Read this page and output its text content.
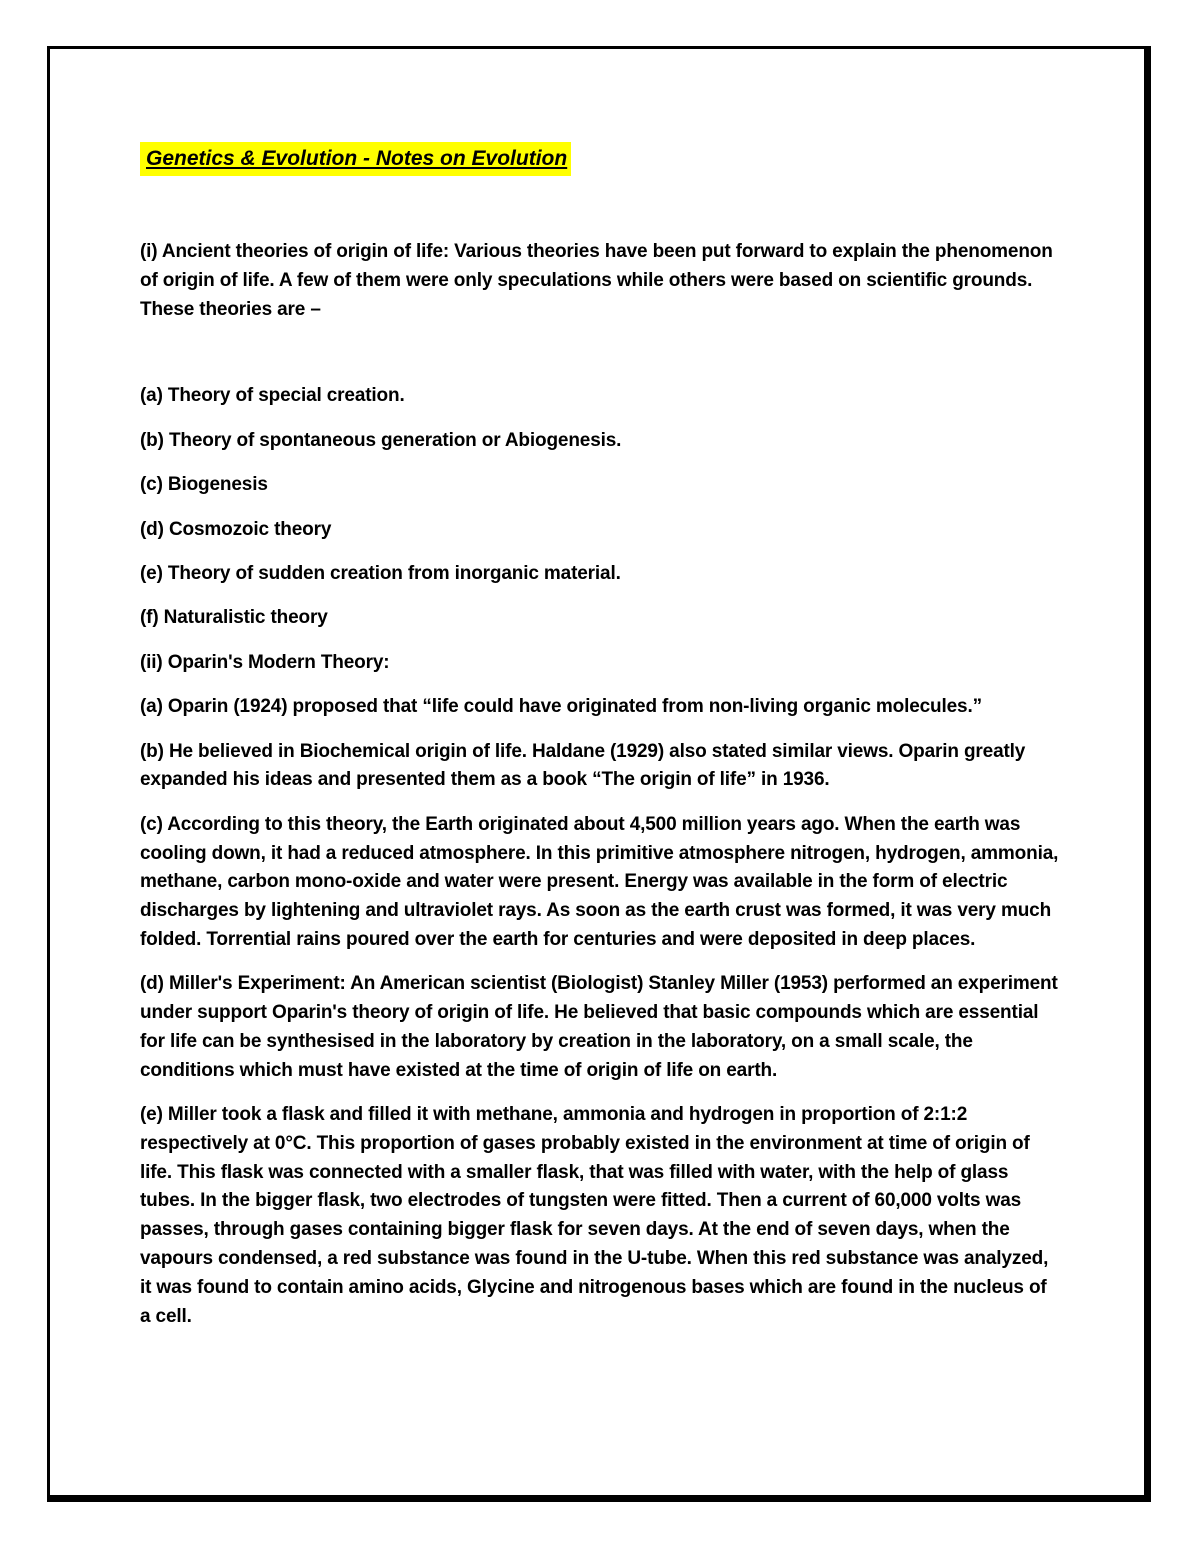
Genetics & Evolution - Notes on Evolution

(i) Ancient theories of origin of life: Various theories have been put forward to explain the phenomenon of origin of life. A few of them were only speculations while others were based on scientific grounds. These theories are –

(a) Theory of special creation.

(b) Theory of spontaneous generation or Abiogenesis.

(c) Biogenesis

(d) Cosmozoic theory

(e) Theory of sudden creation from inorganic material.

(f) Naturalistic theory

(ii) Oparin's Modern Theory:

(a) Oparin (1924) proposed that “life could have originated from non-living organic molecules.”

(b) He believed in Biochemical origin of life. Haldane (1929) also stated similar views. Oparin greatly expanded his ideas and presented them as a book “The origin of life” in 1936.

(c) According to this theory, the Earth originated about 4,500 million years ago. When the earth was cooling down, it had a reduced atmosphere. In this primitive atmosphere nitrogen, hydrogen, ammonia, methane, carbon mono-oxide and water were present. Energy was available in the form of electric discharges by lightening and ultraviolet rays. As soon as the earth crust was formed, it was very much folded. Torrential rains poured over the earth for centuries and were deposited in deep places.

(d) Miller's Experiment: An American scientist (Biologist) Stanley Miller (1953) performed an experiment under support Oparin's theory of origin of life. He believed that basic compounds which are essential for life can be synthesised in the laboratory by creation in the laboratory, on a small scale, the conditions which must have existed at the time of origin of life on earth.

(e) Miller took a flask and filled it with methane, ammonia and hydrogen in proportion of 2:1:2 respectively at 0°C. This proportion of gases probably existed in the environment at time of origin of life. This flask was connected with a smaller flask, that was filled with water, with the help of glass tubes. In the bigger flask, two electrodes of tungsten were fitted. Then a current of 60,000 volts was passes, through gases containing bigger flask for seven days. At the end of seven days, when the vapours condensed, a red substance was found in the U-tube. When this red substance was analyzed, it was found to contain amino acids, Glycine and nitrogenous bases which are found in the nucleus of a cell.
